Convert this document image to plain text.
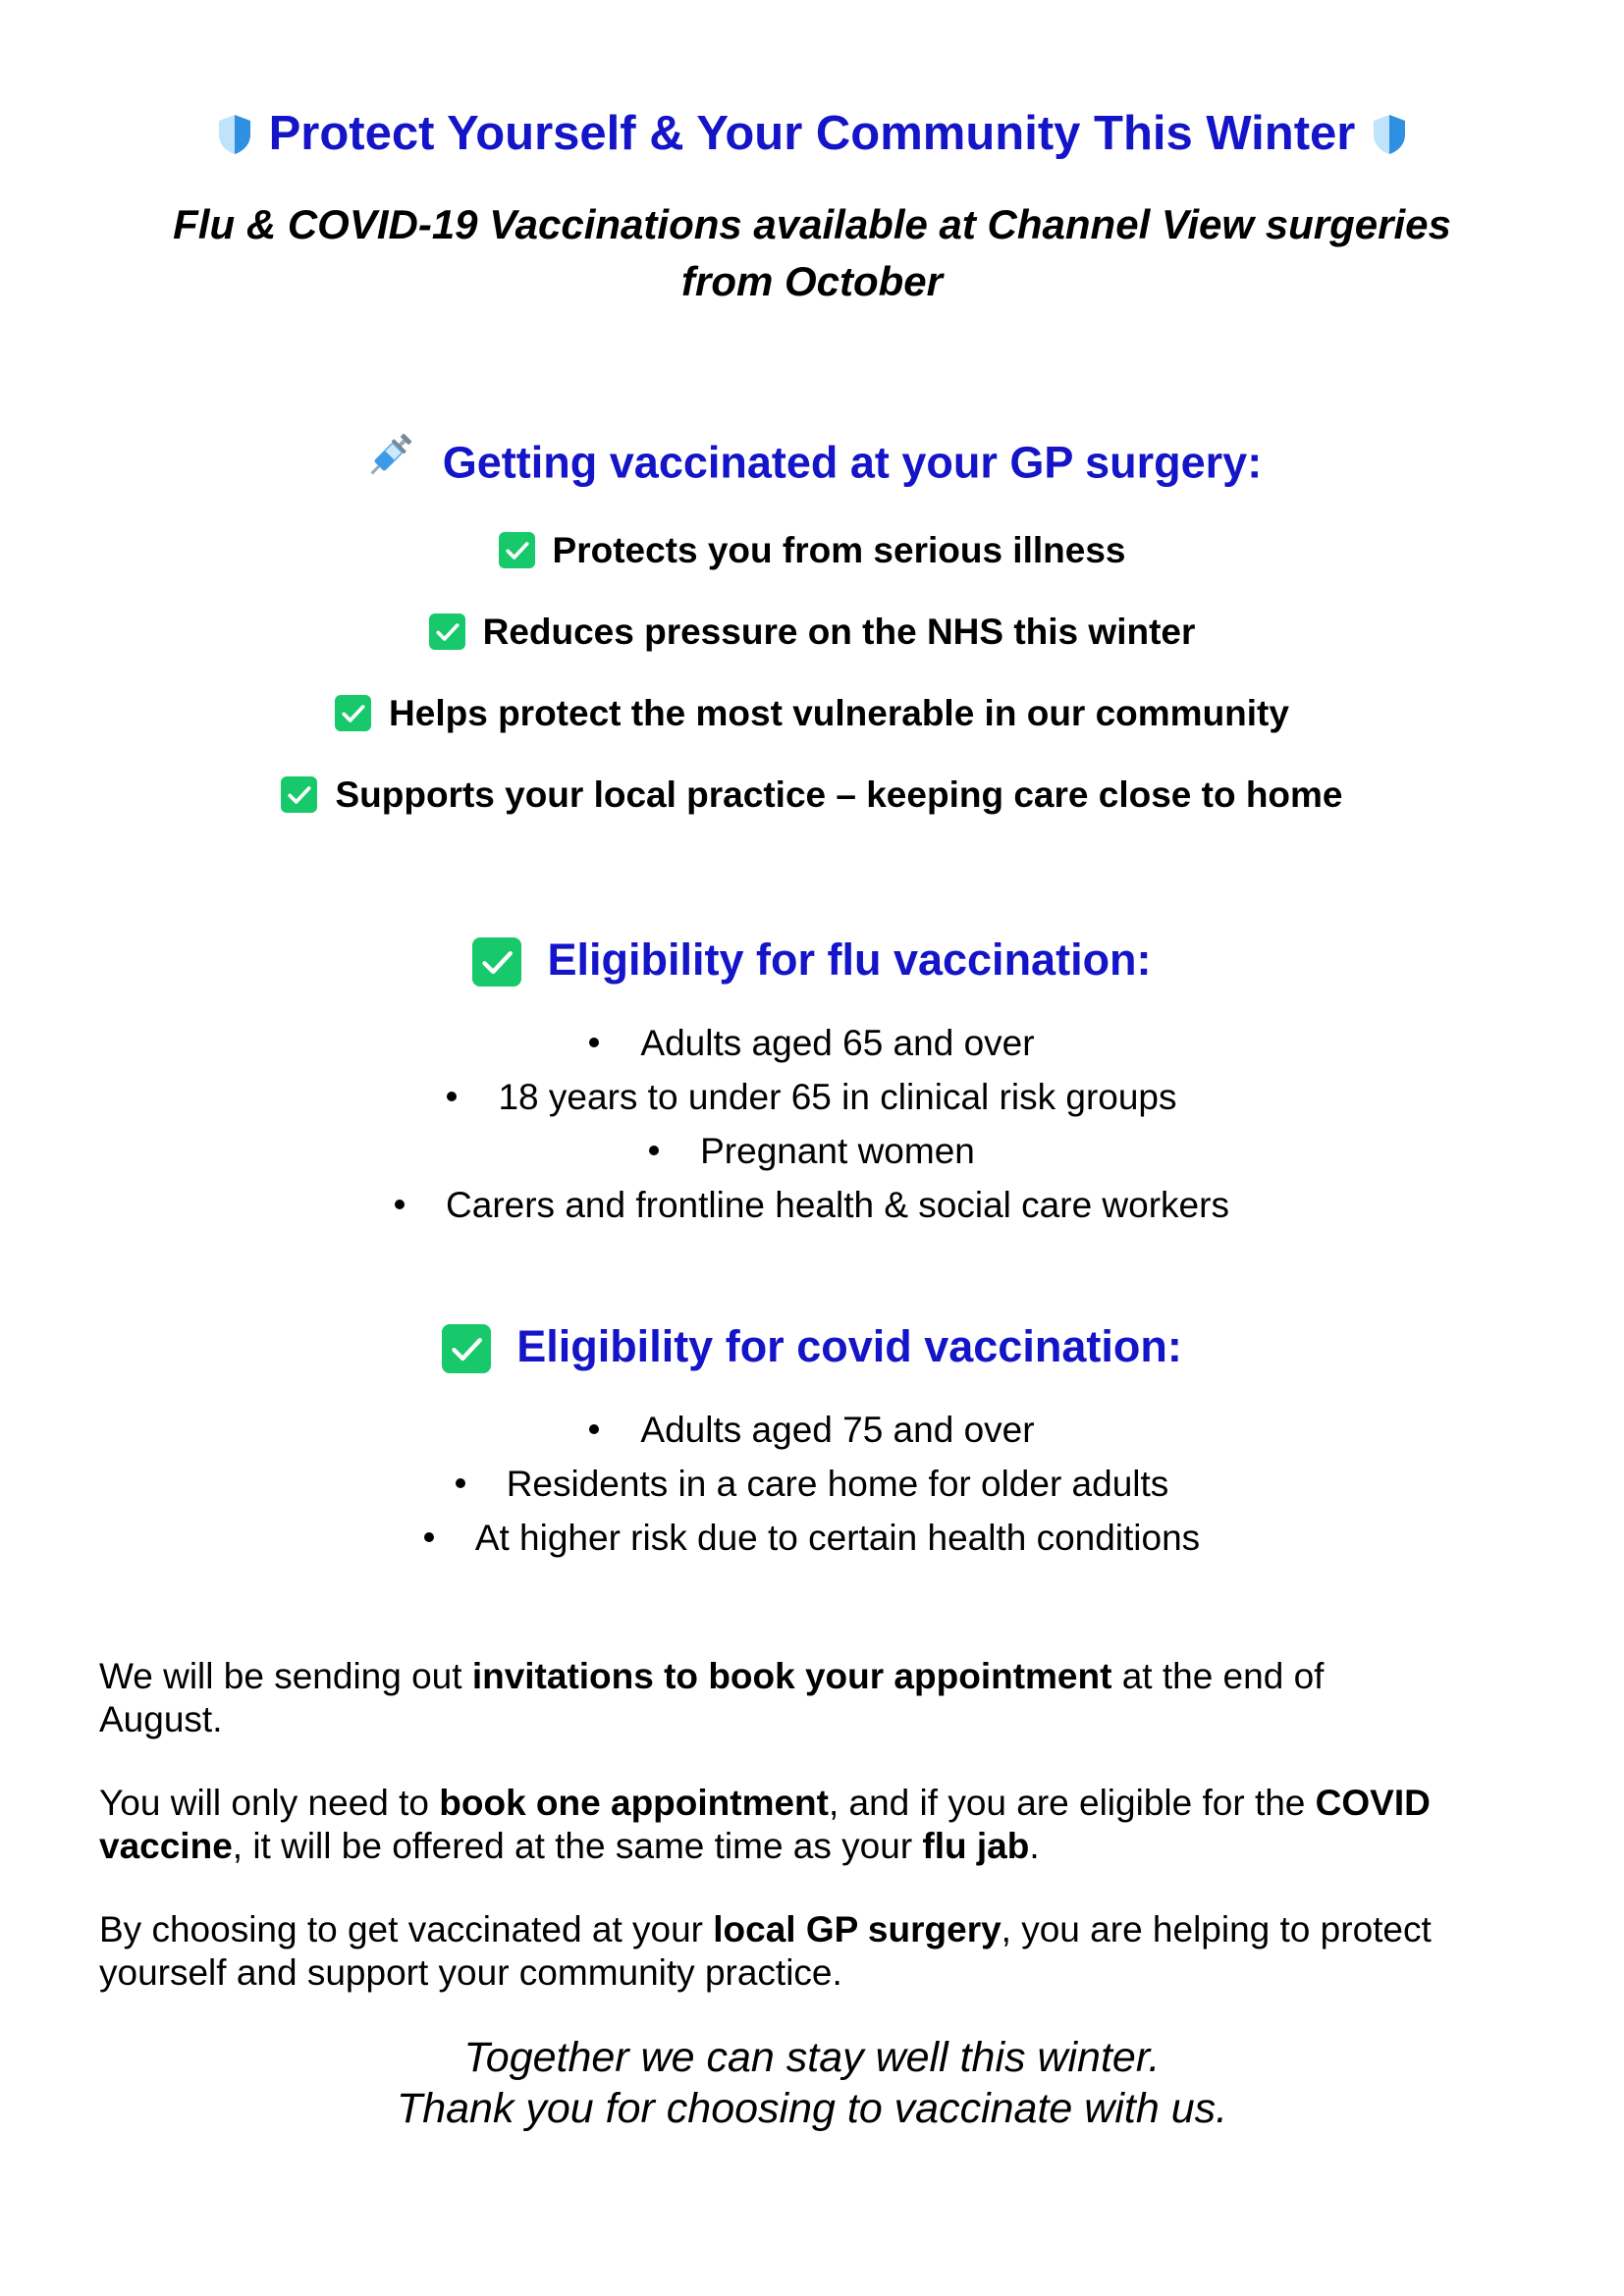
Protect Yourself & Your Community This Winter
Flu & COVID-19 Vaccinations available at Channel View surgeries
from October
Getting vaccinated at your GP surgery:
Protects you from serious illness
Reduces pressure on the NHS this winter
Helps protect the most vulnerable in our community
Supports your local practice – keeping care close to home
Eligibility for flu vaccination:
Adults aged 65 and over
18 years to under 65 in clinical risk groups
Pregnant women
Carers and frontline health & social care workers
Eligibility for covid vaccination:
Adults aged 75 and over
Residents in a care home for older adults
At higher risk due to certain health conditions
We will be sending out invitations to book your appointment at the end of
August.
You will only need to book one appointment, and if you are eligible for the COVID
vaccine, it will be offered at the same time as your flu jab.
By choosing to get vaccinated at your local GP surgery, you are helping to protect
yourself and support your community practice.
Together we can stay well this winter.
Thank you for choosing to vaccinate with us.
